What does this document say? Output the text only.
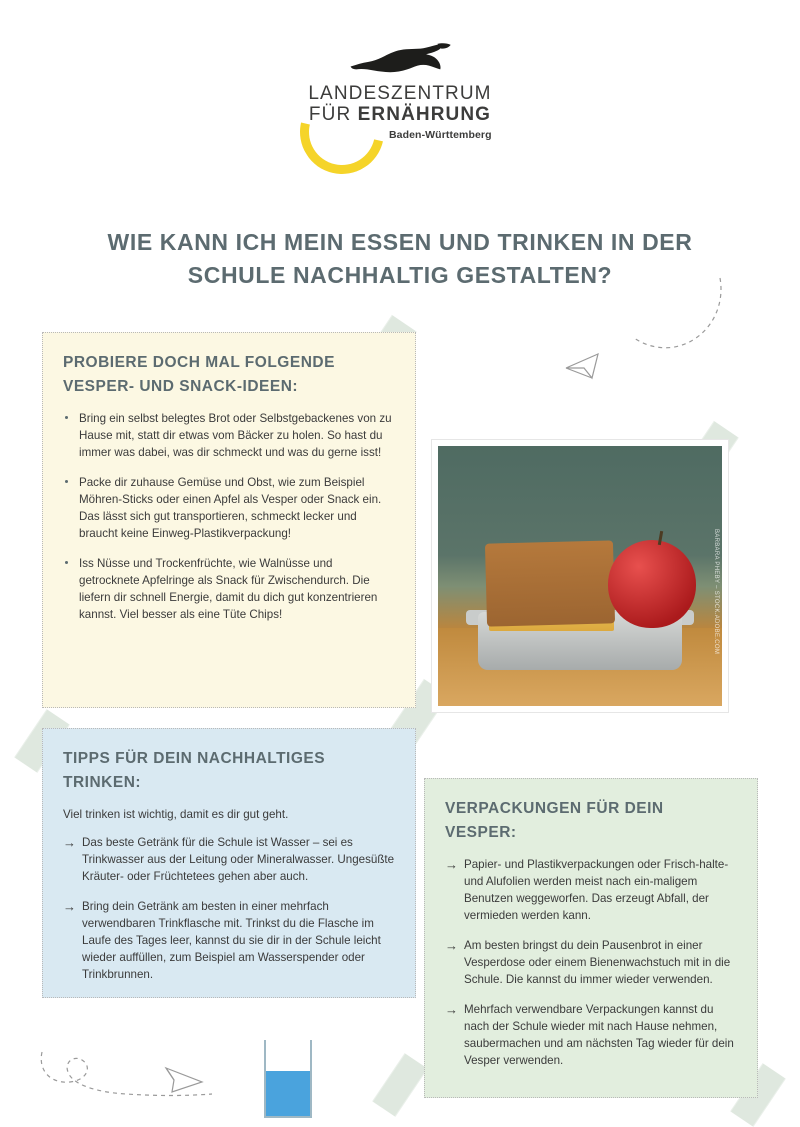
LANDESZENTRUM
FÜR ERNÄHRUNG
Baden-Württemberg
WIE KANN ICH MEIN ESSEN UND TRINKEN IN DER SCHULE NACHHALTIG GESTALTEN?
PROBIERE DOCH MAL FOLGENDE VESPER- UND SNACK-IDEEN:
Bring ein selbst belegtes Brot oder Selbstgebackenes von zu Hause mit, statt dir etwas vom Bäcker zu holen. So hast du immer was dabei, was dir schmeckt und was du gerne isst!
Packe dir zuhause Gemüse und Obst, wie zum Beispiel Möhren-Sticks oder einen Apfel als Vesper oder Snack ein. Das lässt sich gut transportieren, schmeckt lecker und braucht keine Einweg-Plastikverpackung!
Iss Nüsse und Trockenfrüchte, wie Walnüsse und getrocknete Apfelringe als Snack für Zwischendurch. Die liefern dir schnell Energie, damit du dich gut konzentrieren kannst. Viel besser als eine Tüte Chips!	BARBARA PHEBY – STOCK.ADOBE.COM
TIPPS FÜR DEIN NACHHALTIGES TRINKEN:

Viel trinken ist wichtig, damit es dir gut geht.

→ Das beste Getränk für die Schule ist Wasser – sei es Trinkwasser aus der Leitung oder Mineralwasser. Ungesüßte Kräuter- oder Früchtetees gehen aber auch.
→ Bring dein Getränk am besten in einer mehrfach verwendbaren Trinkflasche mit. Trinkst du die Flasche im Laufe des Tages leer, kannst du sie dir in der Schule leicht wieder auffüllen, zum Beispiel am Wasserspender oder Trinkbrunnen.
VERPACKUNGEN FÜR DEIN VESPER:
→ Papier- und Plastikverpackungen oder Frisch-halte- und Alufolien werden meist nach ein-maligem Benutzen weggeworfen. Das erzeugt Abfall, der vermieden werden kann.
→ Am besten bringst du dein Pausenbrot in einer Vesperdose oder einem Bienenwachstuch mit in die Schule. Die kannst du immer wieder verwenden.
→ Mehrfach verwendbare Verpackungen kannst du nach der Schule wieder mit nach Hause nehmen, saubermachen und am nächsten Tag wieder für dein Vesper verwenden.
